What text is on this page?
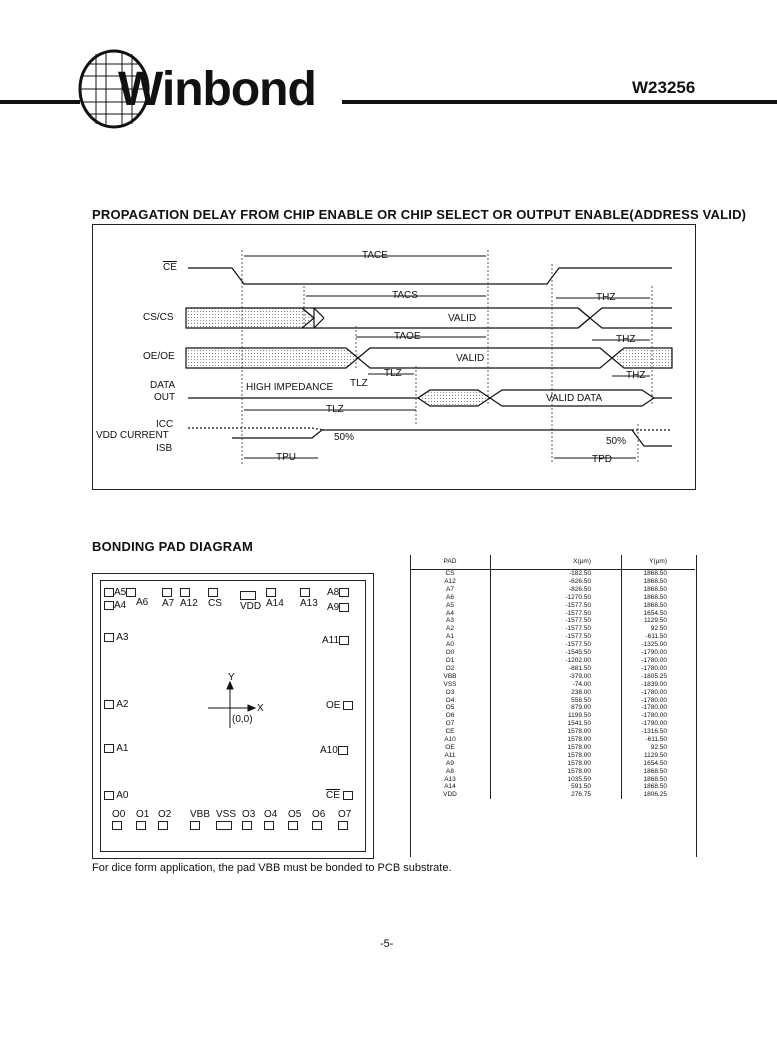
Winbond	W23256
PROPAGATION DELAY FROM CHIP ENABLE OR CHIP SELECT OR OUTPUT ENABLE(ADDRESS VALID)
$\overline{CE}$
CS/CS
OE/OE
DATA
OUT
ICC
VDD CURRENT
ISB
TACE
TACS	THZ
TAOE	THZ
THZ
TLZ
TLZ
TLZ
TPU	TPD
VALID
VALID
VALID DATA
HIGH IMPEDANCE
50%	50%
BONDING PAD DIAGRAM
A5
A4 A6 A7 A12 CS VDD A14 A13
A8
A9
A3
A2
A1
A0
A11
OE
A10
$\overline{CE}$
O0 O1 O2 VBB VSS O3 O4 O5 O6 O7

Y
X
(0,0)
PAD	X(μm)	Y(μm)
CS	-182.50	1868.50
A12	-626.50	1868.50
A7	-826.50	1868.50
A6	-1270.50	1868.50
A5	-1577.50	1868.50
A4	-1577.50	1654.50
A3	-1577.50	1129.50
A2	-1577.50	92.50
A1	-1577.50	-611.50
A0	-1577.50	-1325.00
O0	-1545.50	-1790.00
O1	-1202.00	-1780.00
O2	-881.50	-1780.00
VBB	-379.00	-1805.25
VSS	-74.00	-1839.00
O3	238.00	-1780.00
O4	558.50	-1780.00
O5	879.00	-1780.00
O6	1199.50	-1780.00
O7	1541.50	-1790.00
CE	1578.00	-1316.50
A10	1578.00	-611.50
OE	1578.00	92.50
A11	1578.00	1129.50
A9	1578.00	1654.50
A8	1578.00	1868.50
A13	1035.50	1868.50
A14	591.50	1868.50
VDD	276.75	1806.25
For dice form application, the pad VBB must be bonded to PCB substrate.
-5-
